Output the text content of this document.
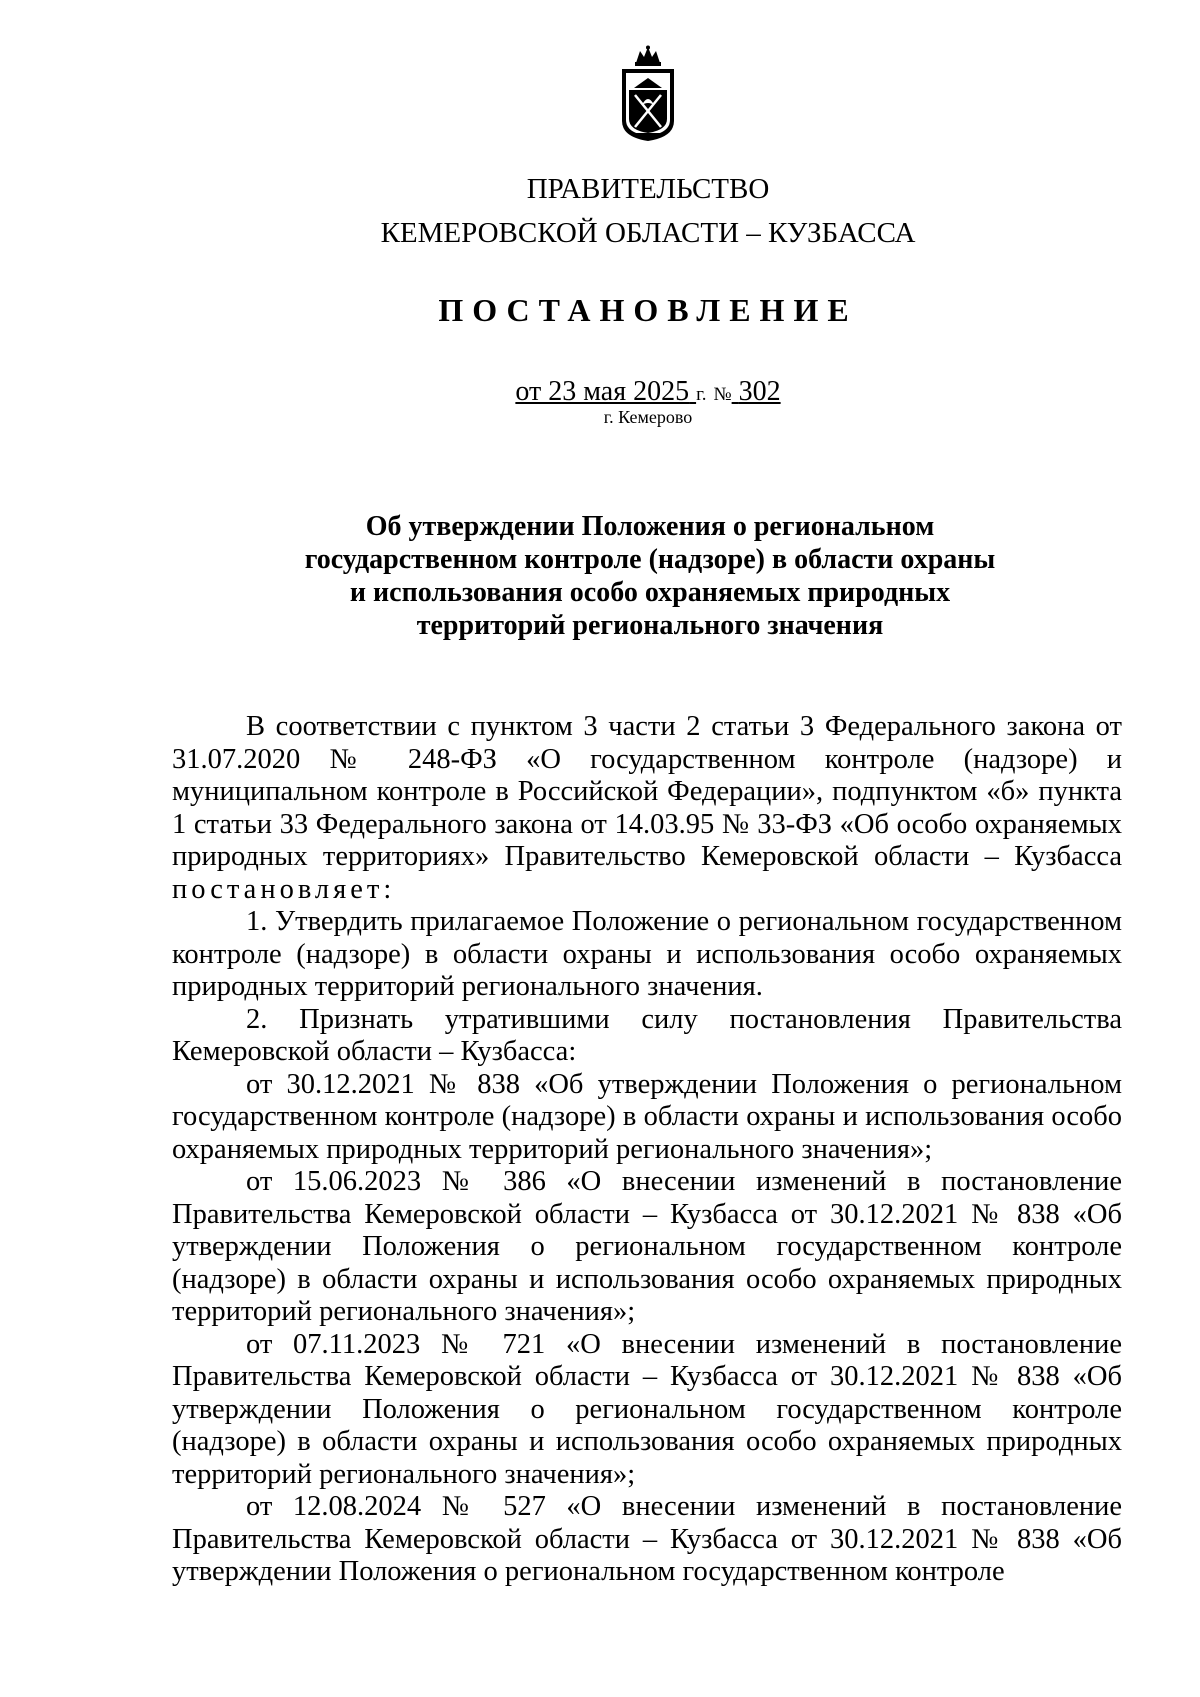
ПРАВИТЕЛЬСТВО
КЕМЕРОВСКОЙ ОБЛАСТИ – КУЗБАССА
ПОСТАНОВЛЕНИЕ
от 23 мая 2025 г. № 302
г. Кемерово
Об утверждении Положения о региональном
государственном контроле (надзоре) в области охраны
и использования особо охраняемых природных
территорий регионального значения

В соответствии с пунктом 3 части 2 статьи 3 Федерального закона от 31.07.2020 № 248-ФЗ «О государственном контроле (надзоре) и муниципальном контроле в Российской Федерации», подпунктом «б» пункта 1 статьи 33 Федерального закона от 14.03.95 № 33-ФЗ «Об особо охраняемых природных территориях» Правительство Кемеровской области – Кузбасса постановляет:

1. Утвердить прилагаемое Положение о региональном государственном контроле (надзоре) в области охраны и использования особо охраняемых природных территорий регионального значения.

2. Признать утратившими силу постановления Правительства Кемеровской области – Кузбасса:

от 30.12.2021 № 838 «Об утверждении Положения о региональном государственном контроле (надзоре) в области охраны и использования особо охраняемых природных территорий регионального значения»;

от 15.06.2023 № 386 «О внесении изменений в постановление Правительства Кемеровской области – Кузбасса от 30.12.2021 № 838 «Об утверждении Положения о региональном государственном контроле (надзоре) в области охраны и использования особо охраняемых природных территорий регионального значения»;

от 07.11.2023 № 721 «О внесении изменений в постановление Правительства Кемеровской области – Кузбасса от 30.12.2021 № 838 «Об утверждении Положения о региональном государственном контроле (надзоре) в области охраны и использования особо охраняемых природных территорий регионального значения»;

от 12.08.2024 № 527 «О внесении изменений в постановление Правительства Кемеровской области – Кузбасса от 30.12.2021 № 838 «Об утверждении Положения о региональном государственном контроле
